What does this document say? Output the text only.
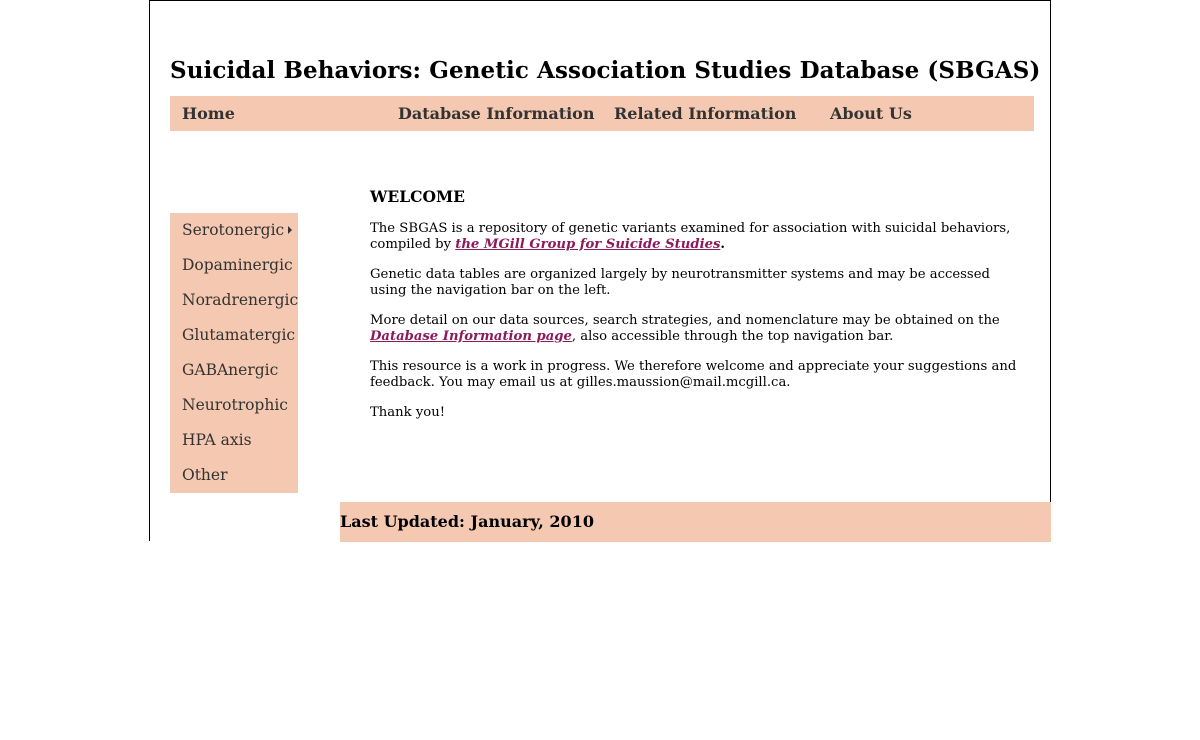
Suicidal Behaviors: Genetic Association Studies Database (SBGAS)
Home	Database Information Related Information About Us
Serotonergic
Dopaminergic
Noradrenergic
Glutamatergic
GABAnergic
Neurotrophic
HPA axis
Other
WELCOME

The SBGAS is a repository of genetic variants examined for association with suicidal behaviors, compiled by the MGill Group for Suicide Studies.

Genetic data tables are organized largely by neurotransmitter systems and may be accessed using the navigation bar on the left.

More detail on our data sources, search strategies, and nomenclature may be obtained on the Database Information page, also accessible through the top navigation bar.

This resource is a work in progress. We therefore welcome and appreciate your suggestions and feedback. You may email us at gilles.maussion@mail.mcgill.ca.

Thank you!

Last Updated: January, 2010
